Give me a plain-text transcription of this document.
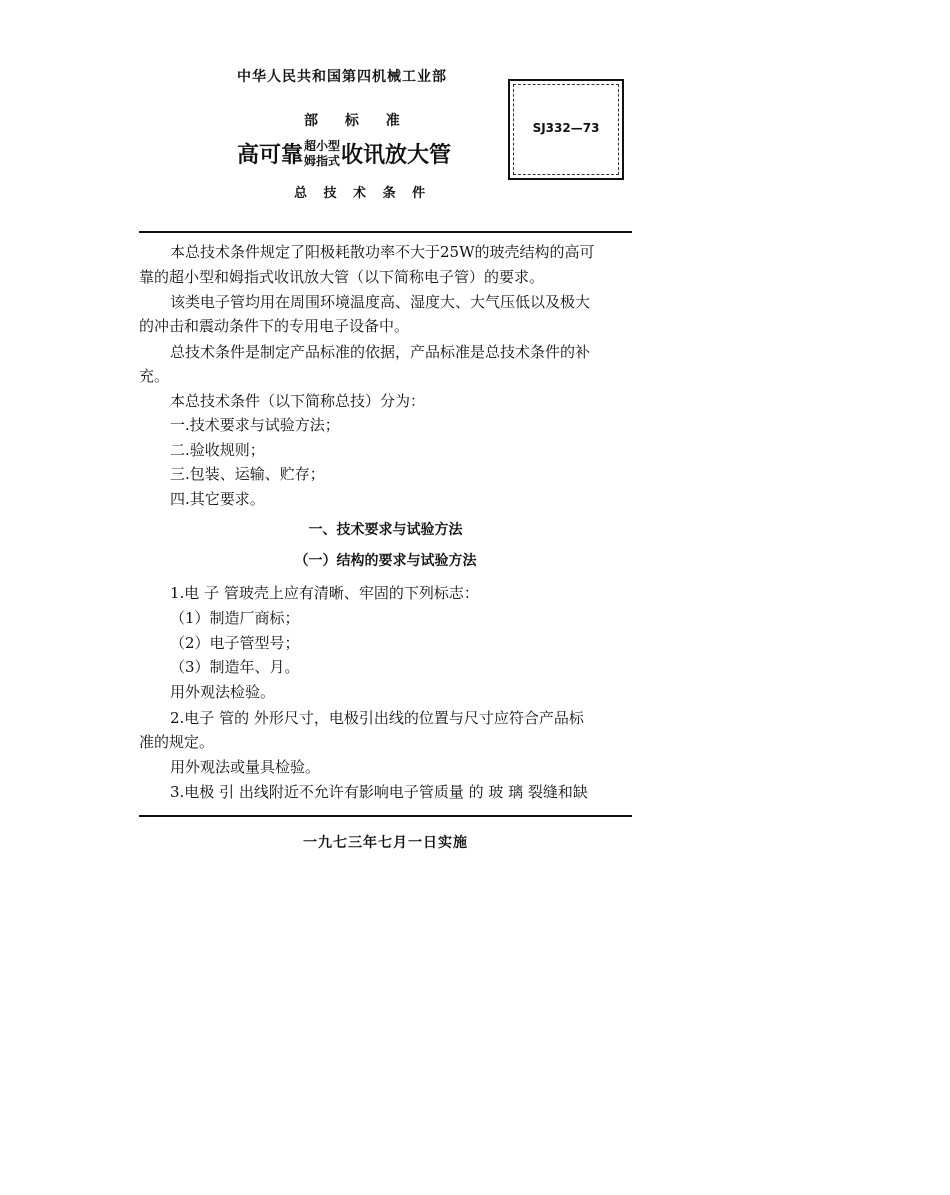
中华人民共和国第四机械工业部
部 标 准
高可靠 超小型
姆指式 收讯放大管
总 技 术 条 件
SJ332—73
本总技术条件规定了阳极耗散功率不大于25W的玻壳结构的高可
靠的超小型和姆指式收讯放大管（以下简称电子管）的要求。
该类电子管均用在周围环境温度高、湿度大、大气压低以及极大
的冲击和震动条件下的专用电子设备中。
总技术条件是制定产品标准的依据，产品标准是总技术条件的补
充。
本总技术条件（以下简称总技）分为：
一.技术要求与试验方法；
二.验收规则；
三.包装、运输、贮存；
四.其它要求。
一、技术要求与试验方法
（一）结构的要求与试验方法
1.电 子 管玻壳上应有清晰、牢固的下列标志：
（1）制造厂商标；
（2）电子管型号；
（3）制造年、月。
用外观法检验。
2.电子 管的 外形尺寸，电极引出线的位置与尺寸应符合产品标
准的规定。
用外观法或量具检验。
3.电极 引 出线附近不允许有影响电子管质量 的 玻 璃 裂缝和缺
一九七三年七月一日实施
